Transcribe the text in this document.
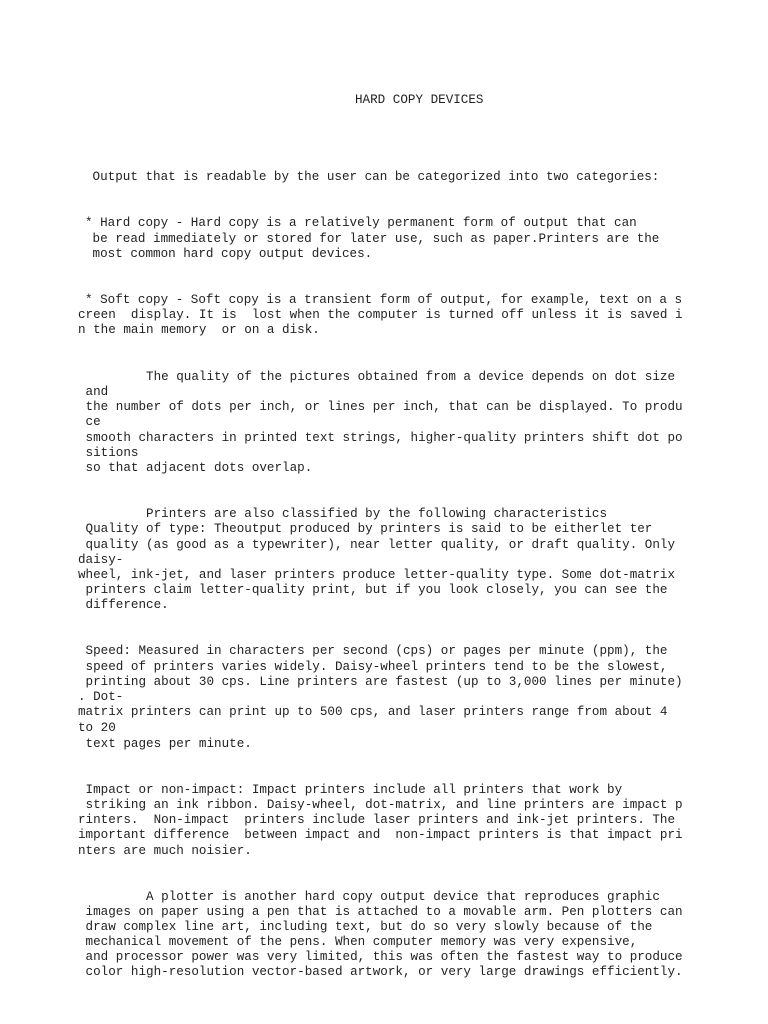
HARD COPY DEVICES
Output that is readable by the user can be categorized into two categories:
* Hard copy - Hard copy is a relatively permanent form of output that can
be read immediately or stored for later use, such as paper.Printers are the
most common hard copy output devices.
* Soft copy - Soft copy is a transient form of output, for example, text on a s
creen  display. It is  lost when the computer is turned off unless it is saved i
n the main memory  or on a disk.
The quality of the pictures obtained from a device depends on dot size
and
the number of dots per inch, or lines per inch, that can be displayed. To produ
ce
smooth characters in printed text strings, higher-quality printers shift dot po
sitions
so that adjacent dots overlap.
Printers are also classified by the following characteristics
Quality of type: Theoutput produced by printers is said to be eitherlet ter
quality (as good as a typewriter), near letter quality, or draft quality. Only
daisy-
wheel, ink-jet, and laser printers produce letter-quality type. Some dot-matrix
printers claim letter-quality print, but if you look closely, you can see the
difference.
Speed: Measured in characters per second (cps) or pages per minute (ppm), the
speed of printers varies widely. Daisy-wheel printers tend to be the slowest,
printing about 30 cps. Line printers are fastest (up to 3,000 lines per minute)
. Dot-
matrix printers can print up to 500 cps, and laser printers range from about 4
to 20
text pages per minute.
Impact or non-impact: Impact printers include all printers that work by
striking an ink ribbon. Daisy-wheel, dot-matrix, and line printers are impact p
rinters.  Non-impact  printers include laser printers and ink-jet printers. The
important difference  between impact and  non-impact printers is that impact pri
nters are much noisier.
A plotter is another hard copy output device that reproduces graphic
images on paper using a pen that is attached to a movable arm. Pen plotters can
draw complex line art, including text, but do so very slowly because of the
mechanical movement of the pens. When computer memory was very expensive,
and processor power was very limited, this was often the fastest way to produce
color high-resolution vector-based artwork, or very large drawings efficiently.
